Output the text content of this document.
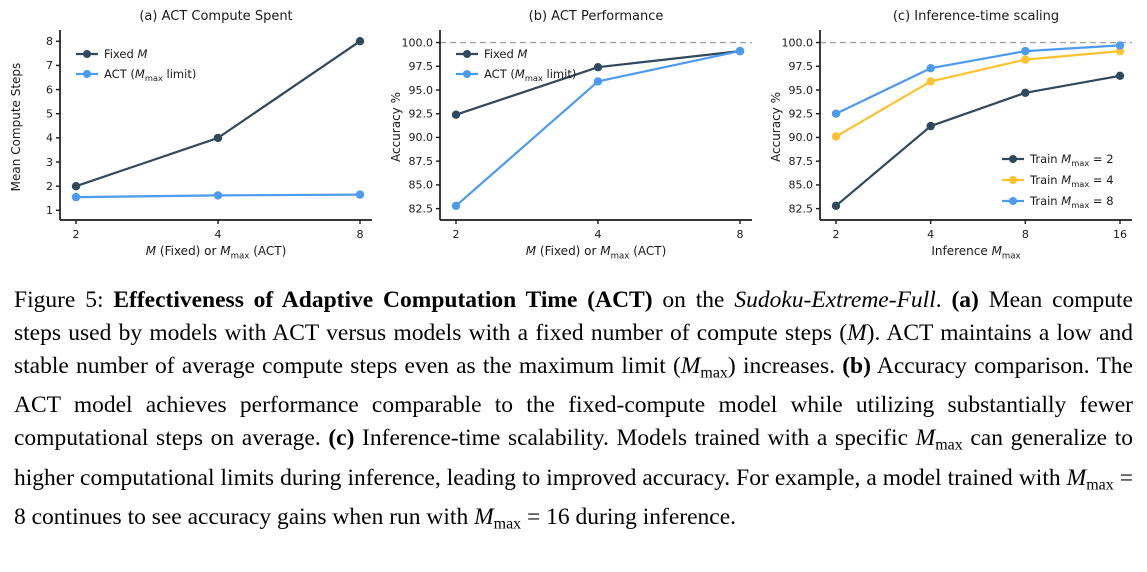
(a) ACT Compute Spent
1
2
3
4
5
6
7
8
2	4	8
Fixed M
ACT ($M_{max}$ limit)
M (Fixed) or $M_{max}$ (ACT)
Mean Compute Steps
(b) ACT Performance
82.5
85.0
87.5
90.0
92.5
95.0
97.5
100.0
2	4	8
Fixed M
ACT ($M_{max}$ limit)
M (Fixed) or $M_{max}$ (ACT)
Accuracy %
(c) Inference-time scaling
82.5
85.0
87.5
90.0
92.5
95.0
97.5
100.0
2	4	8	16
Train $M_{max} = 2$
Train $M_{max} = 4$
Train $M_{max} = 8$
Inference $M_{max}$
Accuracy %

Figure 5: Effectiveness of Adaptive Computation Time (ACT) on the Sudoku-Extreme-Full. (a) Mean compute steps used by models with ACT versus models with a fixed number of compute steps (M). ACT maintains a low and stable number of average compute steps even as the maximum limit $(M_{max})$ increases. (b) Accuracy comparison. The ACT model achieves performance comparable to the fixed-compute model while utilizing substantially fewer computational steps on average. (c) Inference-time scalability. Models trained with a specific $M_{max}$ can generalize to higher computational limits during inference, leading to improved accuracy. For example, a model trained with $M_{max} = 8$ continues to see accuracy gains when run with $M_{max} = 16$ during inference.
